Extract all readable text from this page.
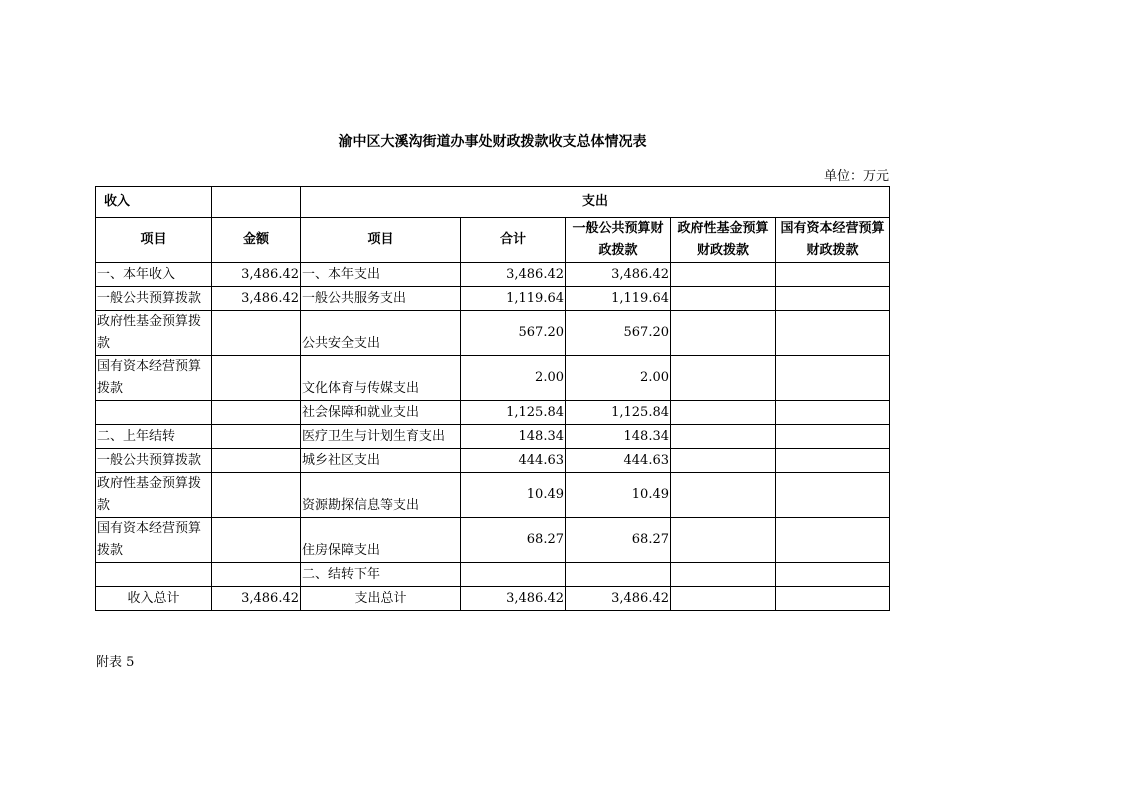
渝中区大溪沟街道办事处财政拨款收支总体情况表
单位：万元
收入		支出				
项目	金额	项目	合计	一般公共预算财政拨款	政府性基金预算财政拨款	国有资本经营预算财政拨款
一、本年收入	3,486.42	一、本年支出	3,486.42	3,486.42		
一般公共预算拨款	3,486.42	一般公共服务支出	1,119.64	1,119.64		
政府性基金预算拨款		公共安全支出	567.20	567.20		
国有资本经营预算拨款		文化体育与传媒支出	2.00	2.00		
		社会保障和就业支出	1,125.84	1,125.84		
二、上年结转		医疗卫生与计划生育支出	148.34	148.34		
一般公共预算拨款		城乡社区支出	444.63	444.63		
政府性基金预算拨款		资源勘探信息等支出	10.49	10.49		
国有资本经营预算拨款		住房保障支出	68.27	68.27		
		二、结转下年				
收入总计	3,486.42	支出总计	3,486.42	3,486.42		
附表 5
